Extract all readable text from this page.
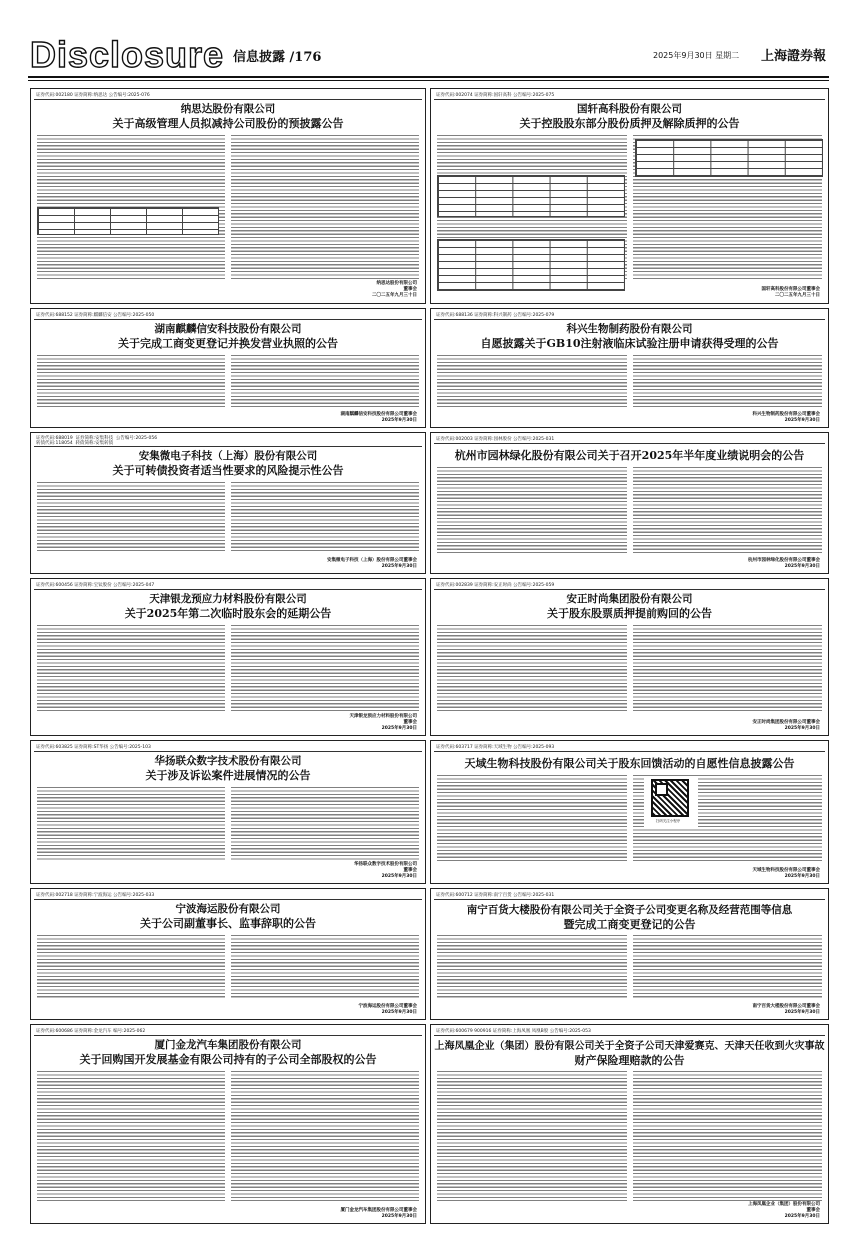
Disclosure 信息披露 /176	2025年9月30日 星期二 上海證券報
证券代码:002180 证券简称:纳思达 公告编号:2025-076
纳思达股份有限公司
关于高级管理人员拟减持公司股份的预披露公告
纳思达股份有限公司
董事会
二〇二五年九月三十日
证券代码:002074 证券简称:国轩高科 公告编号:2025-075
国轩高科股份有限公司
关于控股股东部分股份质押及解除质押的公告
国轩高科股份有限公司董事会
二〇二五年九月三十日
证券代码:688152 证券简称:麒麟信安 公告编号:2025-050
湖南麒麟信安科技股份有限公司
关于完成工商变更登记并换发营业执照的公告
湖南麒麟信安科技股份有限公司董事会
2025年9月30日
证券代码:688136 证券简称:科兴制药 公告编号:2025-079
科兴生物制药股份有限公司
自愿披露关于GB10注射液临床试验注册申请获得受理的公告
科兴生物制药股份有限公司董事会
2025年9月30日
证券代码:688019  证券简称:安集科技  公告编号:2025-056
转债代码:118054  转债简称:安集转债
安集微电子科技（上海）股份有限公司
关于可转债投资者适当性要求的风险提示性公告
安集微电子科技（上海）股份有限公司董事会
2025年9月30日
证券代码:002003 证券简称:园林股份 公告编号:2025-031
杭州市园林绿化股份有限公司关于召开2025年半年度业绩说明会的公告
杭州市园林绿化股份有限公司董事会
2025年9月30日
证券代码:600456 证券简称:宝钛股份 公告编号:2025-047
天津银龙预应力材料股份有限公司
关于2025年第二次临时股东会的延期公告
天津银龙预应力材料股份有限公司
董事会
2025年9月30日
证券代码:002839 证券简称:安正时尚 公告编号:2025-059
安正时尚集团股份有限公司
关于股东股票质押提前购回的公告
安正时尚集团股份有限公司董事会
2025年9月30日
证券代码:603825 证券简称:ST华扬 公告编号:2025-103
华扬联众数字技术股份有限公司
关于涉及诉讼案件进展情况的公告
华扬联众数字技术股份有限公司
董事会
2025年9月30日
证券代码:603717 证券简称:天域生物 公告编号:2025-093
天域生物科技股份有限公司关于股东回馈活动的自愿性信息披露公告
扫码关注小程序
天域生物科技股份有限公司董事会
2025年9月30日
证券代码:002718 证券简称:宁波海运 公告编号:2025-033
宁波海运股份有限公司
关于公司副董事长、监事辞职的公告
宁波海运股份有限公司董事会
2025年9月30日
证券代码:600712 证券简称:南宁百货 公告编号:2025-031
南宁百货大楼股份有限公司关于全资子公司变更名称及经营范围等信息
暨完成工商变更登记的公告
南宁百货大楼股份有限公司董事会
2025年9月30日
证券代码:600686 证券简称:金龙汽车 编号:2025-062
厦门金龙汽车集团股份有限公司
关于回购国开发展基金有限公司持有的子公司全部股权的公告
厦门金龙汽车集团股份有限公司董事会
2025年9月30日
证券代码:600679 900916 证券简称:上海凤凰 凤凰B股 公告编号:2025-053
上海凤凰企业（集团）股份有限公司关于全资子公司天津爱赛克、天津天任收到火灾事故
财产保险理赔款的公告
上海凤凰企业（集团）股份有限公司
董事会
2025年9月30日
